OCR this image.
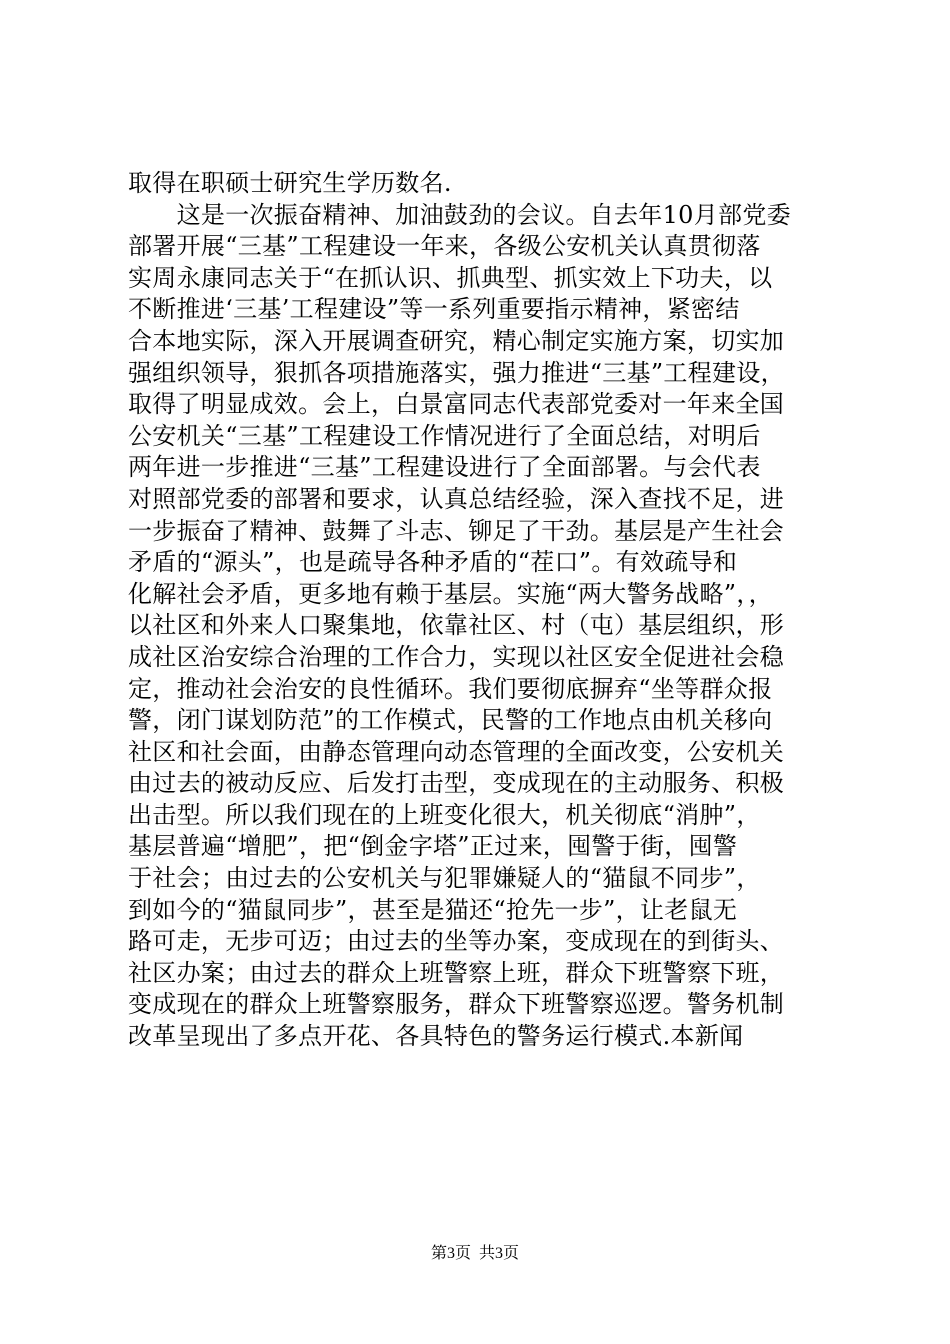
取得在职硕士研究生学历数名.
　　这是一次振奋精神、加油鼓劲的会议。自去年10月部党委
部署开展“三基”工程建设一年来，各级公安机关认真贯彻落
实周永康同志关于“在抓认识、抓典型、抓实效上下功夫，以
不断推进‘三基’工程建设”等一系列重要指示精神，紧密结
合本地实际，深入开展调查研究，精心制定实施方案，切实加
强组织领导，狠抓各项措施落实，强力推进“三基”工程建设，
取得了明显成效。会上，白景富同志代表部党委对一年来全国
公安机关“三基”工程建设工作情况进行了全面总结，对明后
两年进一步推进“三基”工程建设进行了全面部署。与会代表
对照部党委的部署和要求，认真总结经验，深入查找不足，进
一步振奋了精神、鼓舞了斗志、铆足了干劲。基层是产生社会
矛盾的“源头”，也是疏导各种矛盾的“茬口”。有效疏导和
化解社会矛盾，更多地有赖于基层。实施“两大警务战略”，，
以社区和外来人口聚集地，依靠社区、村（屯）基层组织，形
成社区治安综合治理的工作合力，实现以社区安全促进社会稳
定，推动社会治安的良性循环。我们要彻底摒弃“坐等群众报
警，闭门谋划防范”的工作模式，民警的工作地点由机关移向
社区和社会面，由静态管理向动态管理的全面改变，公安机关
由过去的被动反应、后发打击型，变成现在的主动服务、积极
出击型。所以我们现在的上班变化很大，机关彻底“消肿”，
基层普遍“增肥”，把“倒金字塔”正过来，囤警于街，囤警
于社会；由过去的公安机关与犯罪嫌疑人的“猫鼠不同步”，
到如今的“猫鼠同步”，甚至是猫还“抢先一步”，让老鼠无
路可走，无步可迈；由过去的坐等办案，变成现在的到街头、
社区办案；由过去的群众上班警察上班，群众下班警察下班，
变成现在的群众上班警察服务，群众下班警察巡逻。警务机制
改革呈现出了多点开花、各具特色的警务运行模式.本新闻
第3页  共3页
